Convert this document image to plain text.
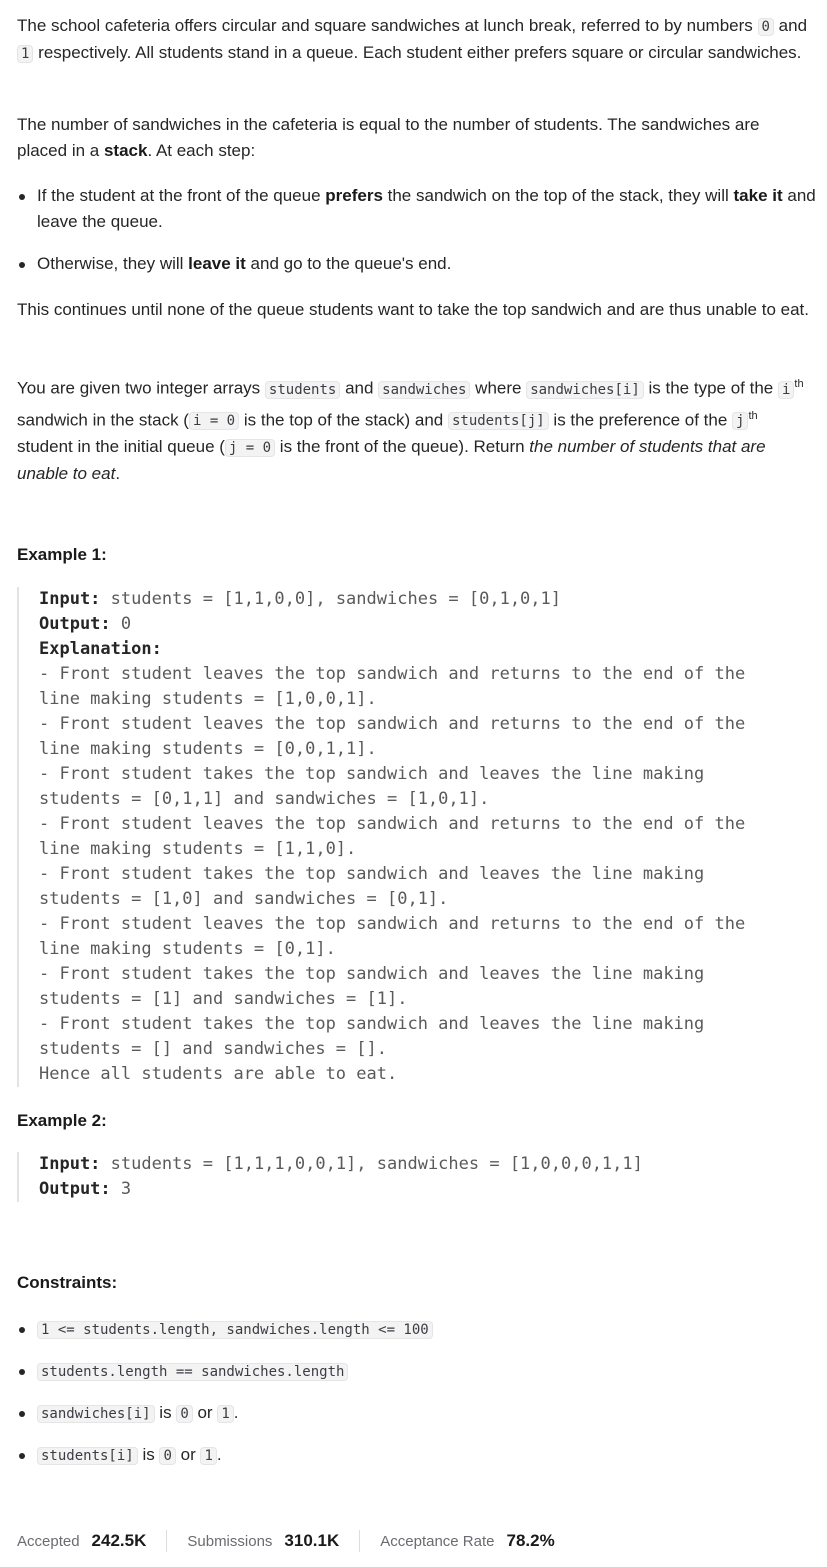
The school cafeteria offers circular and square sandwiches at lunch break, referred to by numbers 0 and 1 respectively. All students stand in a queue. Each student either prefers square or circular sandwiches.

The number of sandwiches in the cafeteria is equal to the number of students. The sandwiches are placed in a stack. At each step:

If the student at the front of the queue prefers the sandwich on the top of the stack, they will take it and leave the queue.
Otherwise, they will leave it and go to the queue's end.

This continues until none of the queue students want to take the top sandwich and are thus unable to eat.

You are given two integer arrays students and sandwiches where sandwiches[i] is the type of the i $^{th}$ sandwich in the stack ( i = 0 is the top of the stack) and students[j] is the preference of the j $^{th}$ student in the initial queue ( j = 0 is the front of the queue). Return the number of students that are unable to eat.

Example 1:
Input: students = [1,1,0,0], sandwiches = [0,1,0,1]
Output: 0
Explanation:
- Front student leaves the top sandwich and returns to the end of the
line making students = [1,0,0,1].
- Front student leaves the top sandwich and returns to the end of the
line making students = [0,0,1,1].
- Front student takes the top sandwich and leaves the line making
students = [0,1,1] and sandwiches = [1,0,1].
- Front student leaves the top sandwich and returns to the end of the
line making students = [1,1,0].
- Front student takes the top sandwich and leaves the line making
students = [1,0] and sandwiches = [0,1].
- Front student leaves the top sandwich and returns to the end of the
line making students = [0,1].
- Front student takes the top sandwich and leaves the line making
students = [1] and sandwiches = [1].
- Front student takes the top sandwich and leaves the line making
students = [] and sandwiches = [].
Hence all students are able to eat.
Example 2:
Input: students = [1,1,1,0,0,1], sandwiches = [1,0,0,0,1,1]
Output: 3
Constraints:
1 <= students.length, sandwiches.length <= 100
students.length == sandwiches.length
sandwiches[i] is 0 or 1 .
students[i] is 0 or 1 .
Accepted 242.5K	Submissions 310.1K	Acceptance Rate 78.2%
